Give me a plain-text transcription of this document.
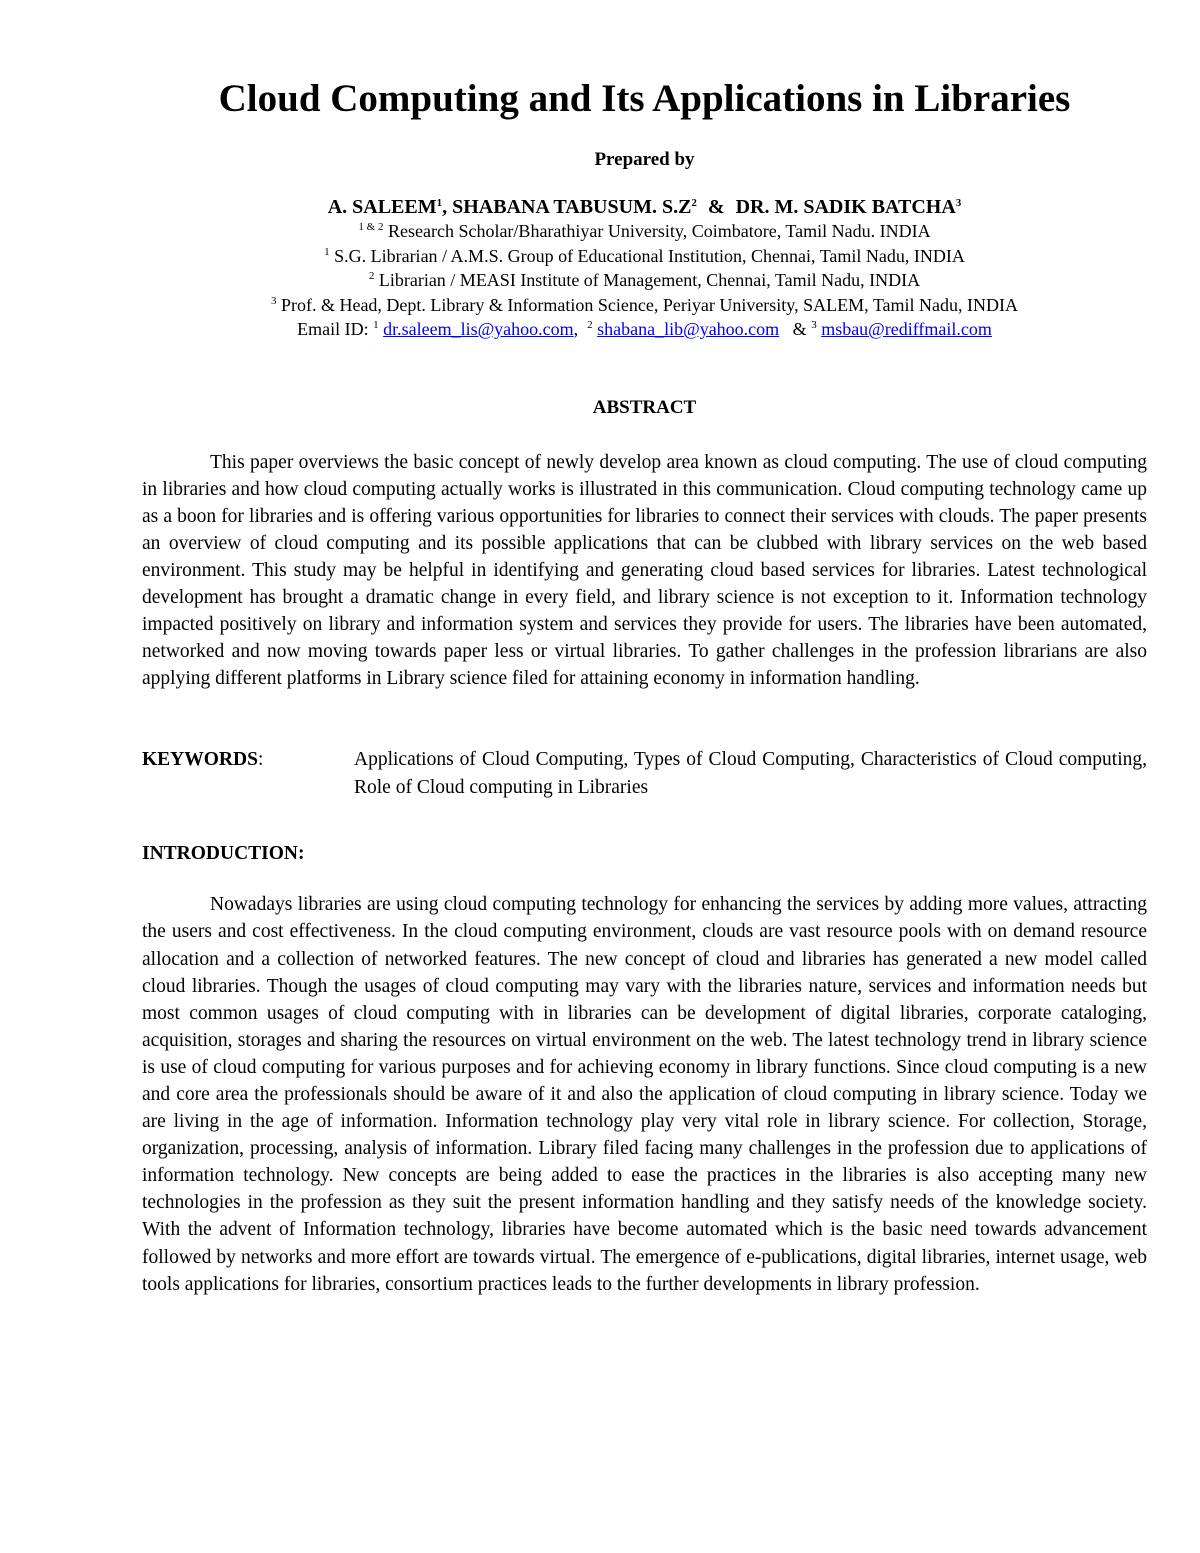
Cloud Computing and Its Applications in Libraries
Prepared by
A. SALEEM$^1$, SHABANA TABUSUM. $S.Z^2$ & DR. M. SADIK BATCHA$^3$
$^{1 \& 2}$ Research Scholar/Bharathiyar University, Coimbatore, Tamil Nadu. INDIA
$^1$ S.G. Librarian / A.M.S. Group of Educational Institution, Chennai, Tamil Nadu, INDIA
$^2$ Librarian / MEASI Institute of Management, Chennai, Tamil Nadu, INDIA
$^3$ Prof. & Head, Dept. Library & Information Science, Periyar University, SALEM, Tamil Nadu, INDIA
Email ID: $^1$ dr.saleem_lis@yahoo.com, $^2$ shabana_lib@yahoo.com & $^3$ msbau@rediffmail.com
ABSTRACT

This paper overviews the basic concept of newly develop area known as cloud computing. The use of cloud computing in libraries and how cloud computing actually works is illustrated in this communication. Cloud computing technology came up as a boon for libraries and is offering various opportunities for libraries to connect their services with clouds. The paper presents an overview of cloud computing and its possible applications that can be clubbed with library services on the web based environment. This study may be helpful in identifying and generating cloud based services for libraries. Latest technological development has brought a dramatic change in every field, and library science is not exception to it. Information technology impacted positively on library and information system and services they provide for users. The libraries have been automated, networked and now moving towards paper less or virtual libraries. To gather challenges in the profession librarians are also applying different platforms in Library science filed for attaining economy in information handling.

KEYWORDS:	Applications of Cloud Computing, Types of Cloud Computing, Characteristics of Cloud computing, Role of Cloud computing in Libraries
INTRODUCTION:

Nowadays libraries are using cloud computing technology for enhancing the services by adding more values, attracting the users and cost effectiveness. In the cloud computing environment, clouds are vast resource pools with on demand resource allocation and a collection of networked features. The new concept of cloud and libraries has generated a new model called cloud libraries. Though the usages of cloud computing may vary with the libraries nature, services and information needs but most common usages of cloud computing with in libraries can be development of digital libraries, corporate cataloging, acquisition, storages and sharing the resources on virtual environment on the web. The latest technology trend in library science is use of cloud computing for various purposes and for achieving economy in library functions. Since cloud computing is a new and core area the professionals should be aware of it and also the application of cloud computing in library science. Today we are living in the age of information. Information technology play very vital role in library science. For collection, Storage, organization, processing, analysis of information. Library filed facing many challenges in the profession due to applications of information technology. New concepts are being added to ease the practices in the libraries is also accepting many new technologies in the profession as they suit the present information handling and they satisfy needs of the knowledge society. With the advent of Information technology, libraries have become automated which is the basic need towards advancement followed by networks and more effort are towards virtual. The emergence of e-publications, digital libraries, internet usage, web tools applications for libraries, consortium practices leads to the further developments in library profession.
